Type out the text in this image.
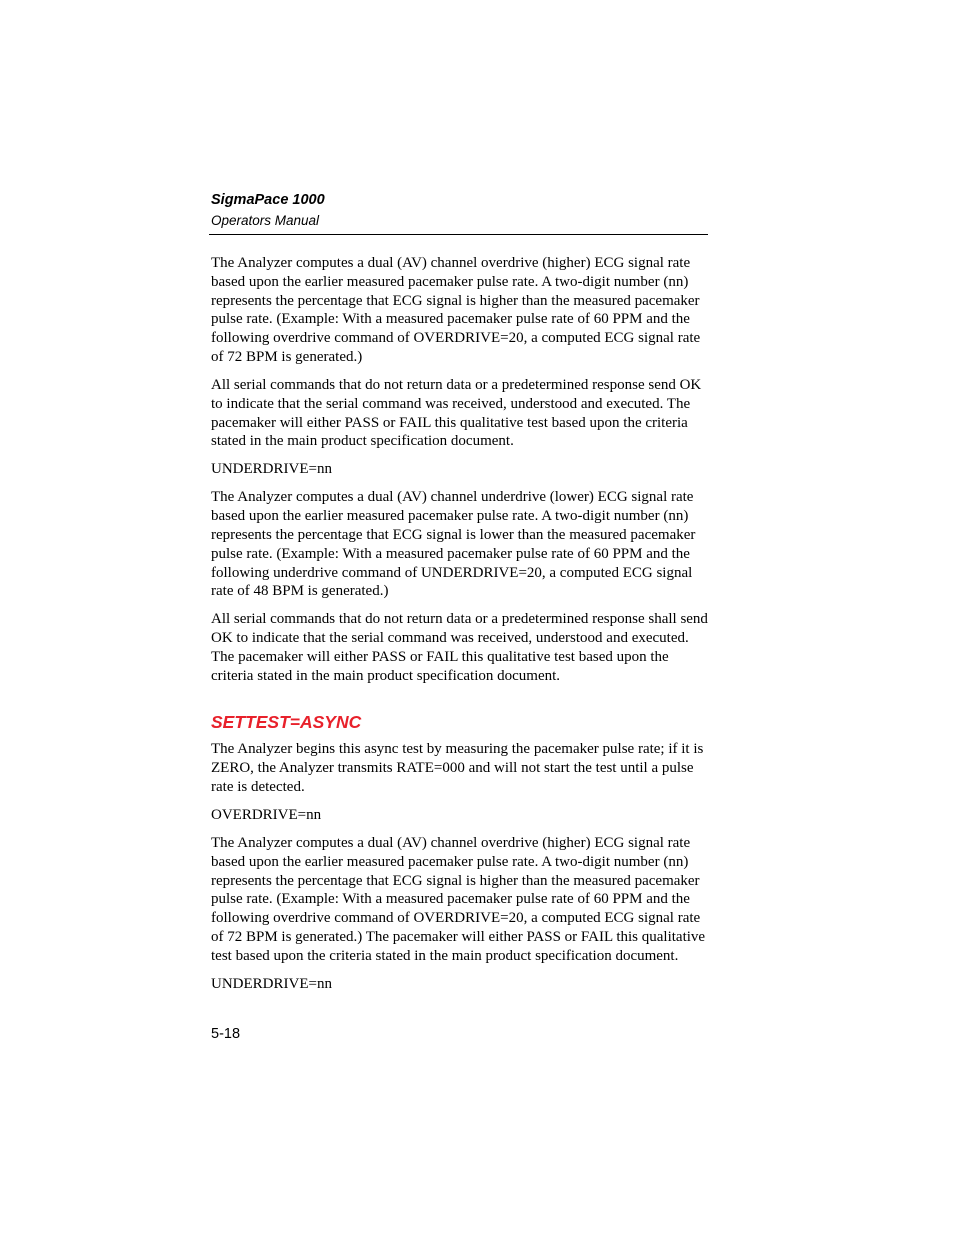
SigmaPace 1000
Operators Manual

The Analyzer computes a dual (AV) channel overdrive (higher) ECG signal rate based upon the earlier measured pacemaker pulse rate. A two-digit number (nn) represents the percentage that ECG signal is higher than the measured pacemaker pulse rate. (Example: With a measured pacemaker pulse rate of 60 PPM and the following overdrive command of OVERDRIVE=20, a computed ECG signal rate of 72 BPM is generated.)

All serial commands that do not return data or a predetermined response send OK to indicate that the serial command was received, understood and executed. The pacemaker will either PASS or FAIL this qualitative test based upon the criteria stated in the main product specification document.

UNDERDRIVE=nn

The Analyzer computes a dual (AV) channel underdrive (lower) ECG signal rate based upon the earlier measured pacemaker pulse rate. A two-digit number (nn) represents the percentage that ECG signal is lower than the measured pacemaker pulse rate. (Example: With a measured pacemaker pulse rate of 60 PPM and the following underdrive command of UNDERDRIVE=20, a computed ECG signal rate of 48 BPM is generated.)

All serial commands that do not return data or a predetermined response shall send OK to indicate that the serial command was received, understood and executed. The pacemaker will either PASS or FAIL this qualitative test based upon the criteria stated in the main product specification document.

SETTEST=ASYNC

The Analyzer begins this async test by measuring the pacemaker pulse rate; if it is ZERO, the Analyzer transmits RATE=000 and will not start the test until a pulse rate is detected.

OVERDRIVE=nn

The Analyzer computes a dual (AV) channel overdrive (higher) ECG signal rate based upon the earlier measured pacemaker pulse rate. A two-digit number (nn) represents the percentage that ECG signal is higher than the measured pacemaker pulse rate. (Example: With a measured pacemaker pulse rate of 60 PPM and the following overdrive command of OVERDRIVE=20, a computed ECG signal rate of 72 BPM is generated.) The pacemaker will either PASS or FAIL this qualitative test based upon the criteria stated in the main product specification document.

UNDERDRIVE=nn

5-18
